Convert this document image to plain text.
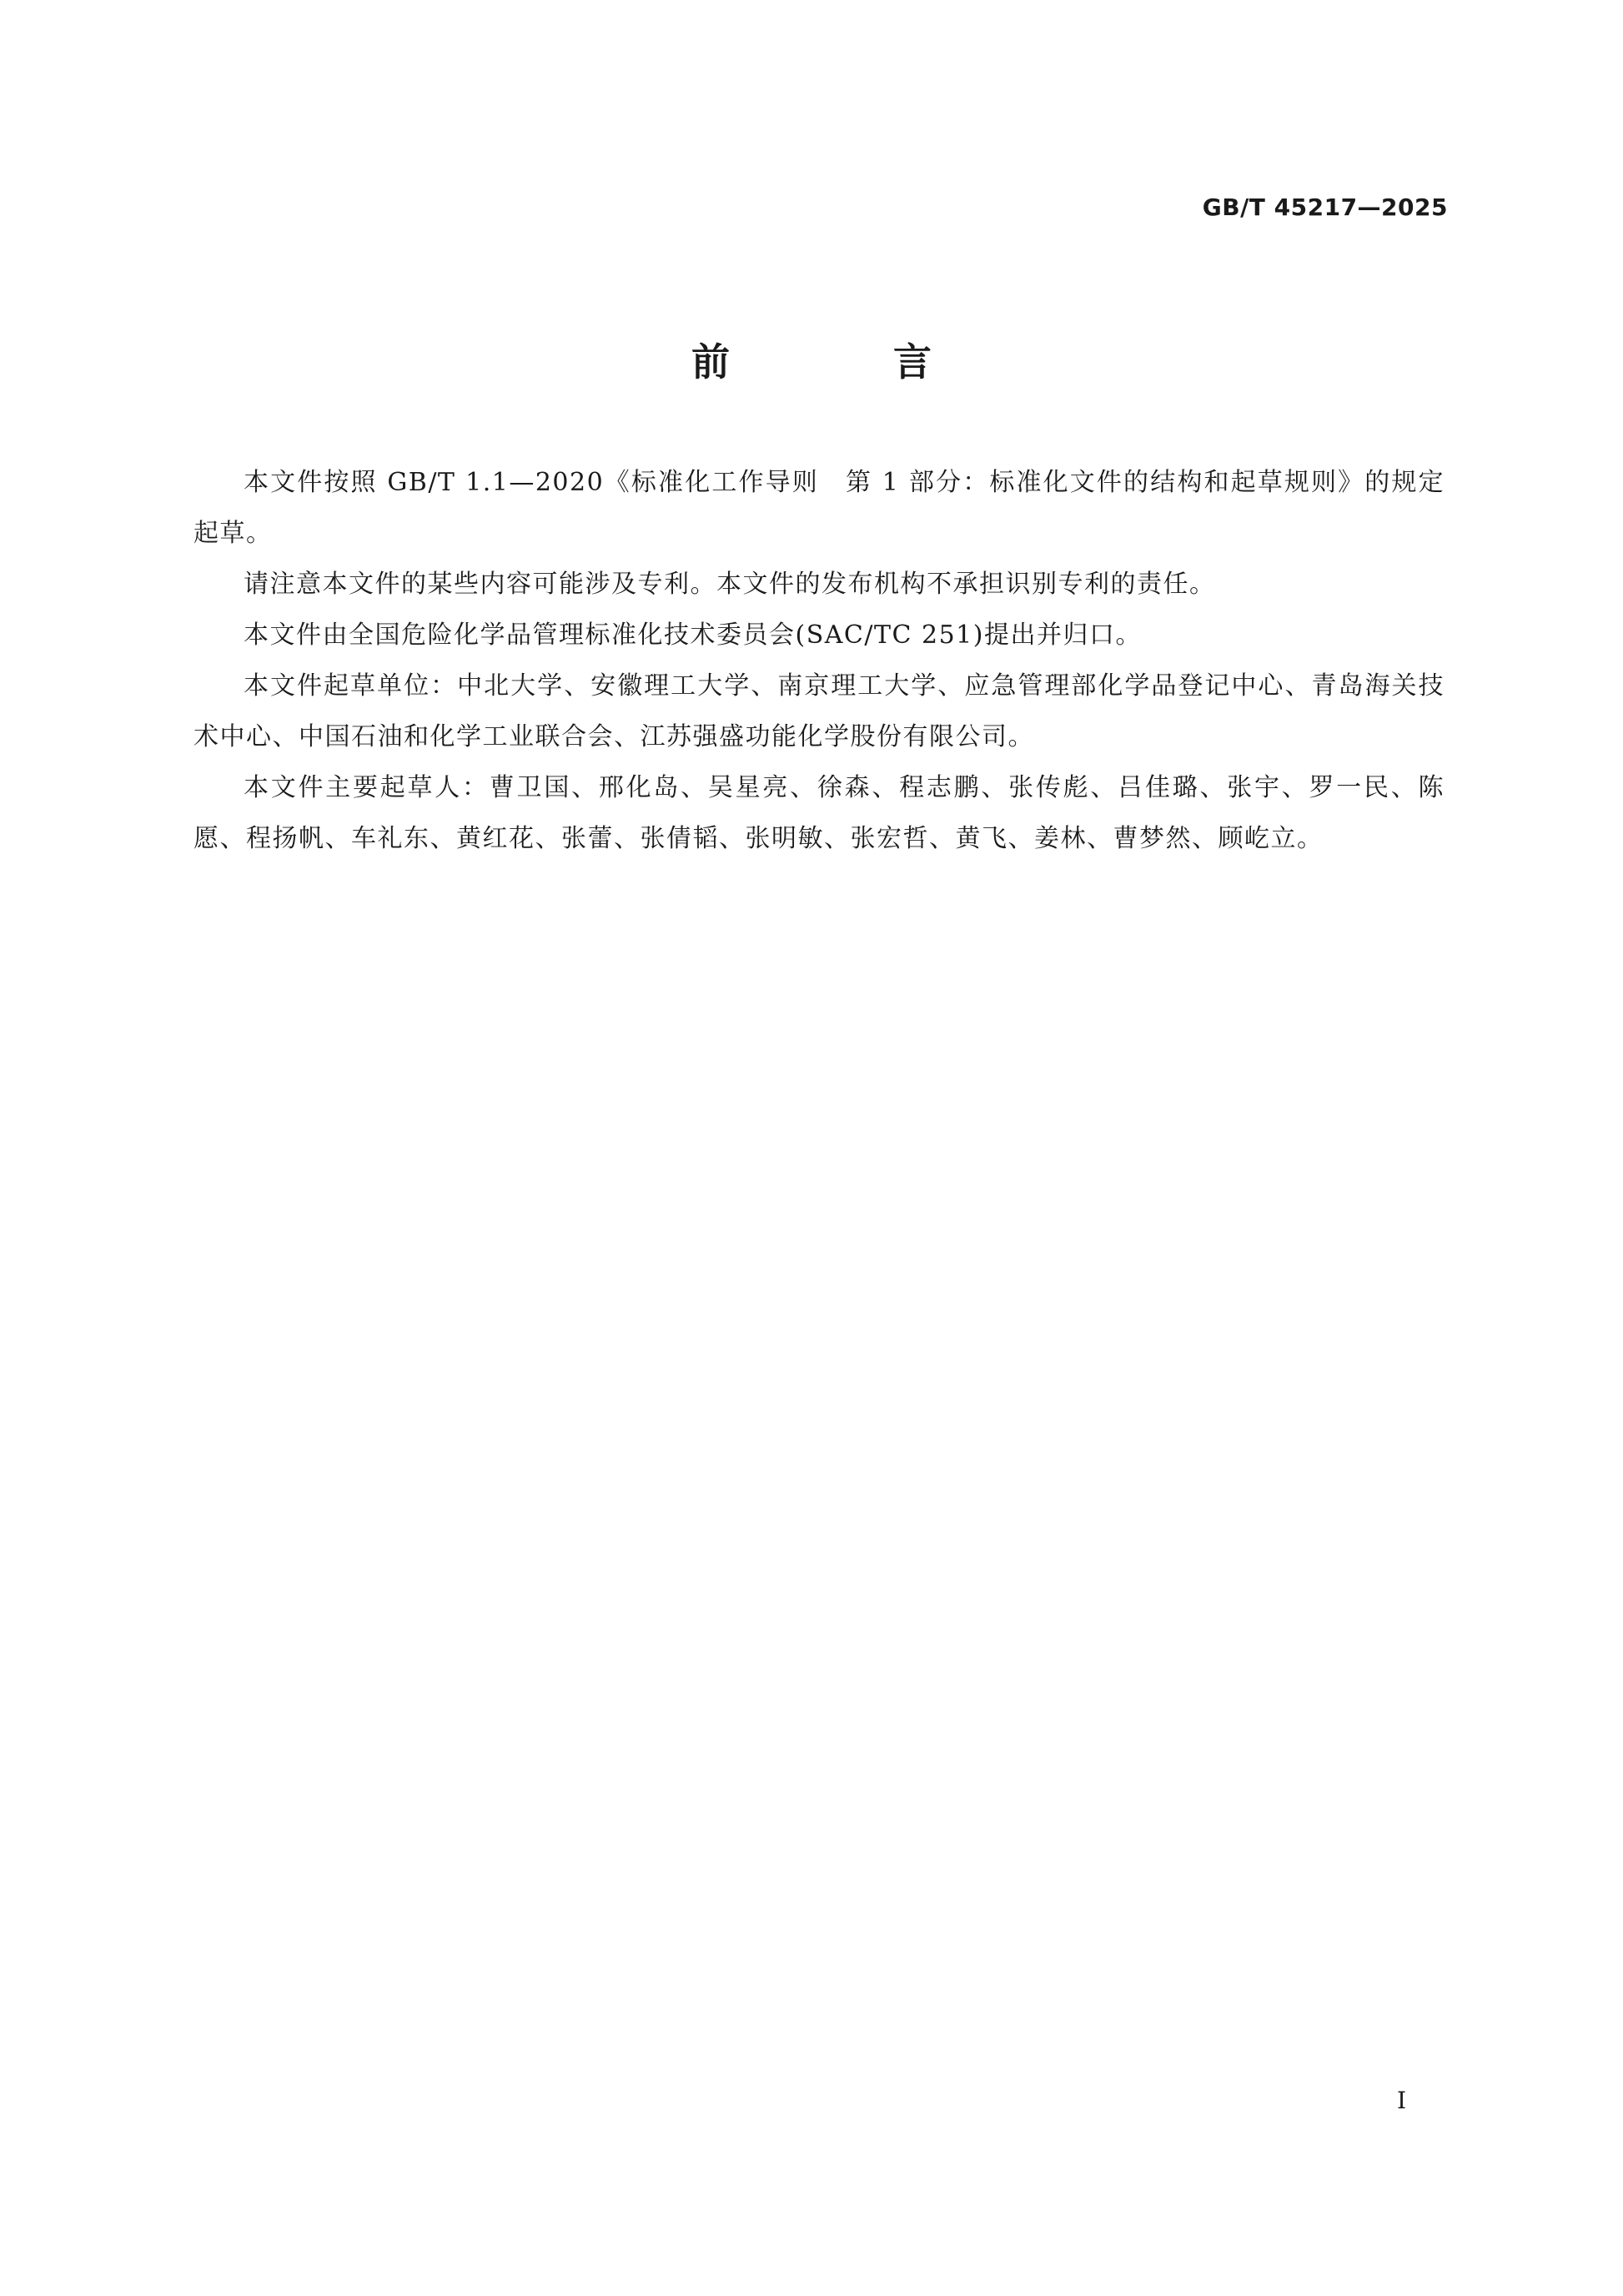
GB/T 45217—2025
前 言

本文件按照 GB/T 1.1—2020《标准化工作导则　第 1 部分：标准化文件的结构和起草规则》的规定起草。

请注意本文件的某些内容可能涉及专利。本文件的发布机构不承担识别专利的责任。

本文件由全国危险化学品管理标准化技术委员会(SAC/TC 251)提出并归口。

本文件起草单位：中北大学、安徽理工大学、南京理工大学、应急管理部化学品登记中心、青岛海关技术中心、中国石油和化学工业联合会、江苏强盛功能化学股份有限公司。

本文件主要起草人：曹卫国、邢化岛、吴星亮、徐森、程志鹏、张传彪、吕佳璐、张宇、罗一民、陈愿、程扬帆、车礼东、黄红花、张蕾、张倩韬、张明敏、张宏哲、黄飞、姜林、曹梦然、顾屹立。

Ⅰ
